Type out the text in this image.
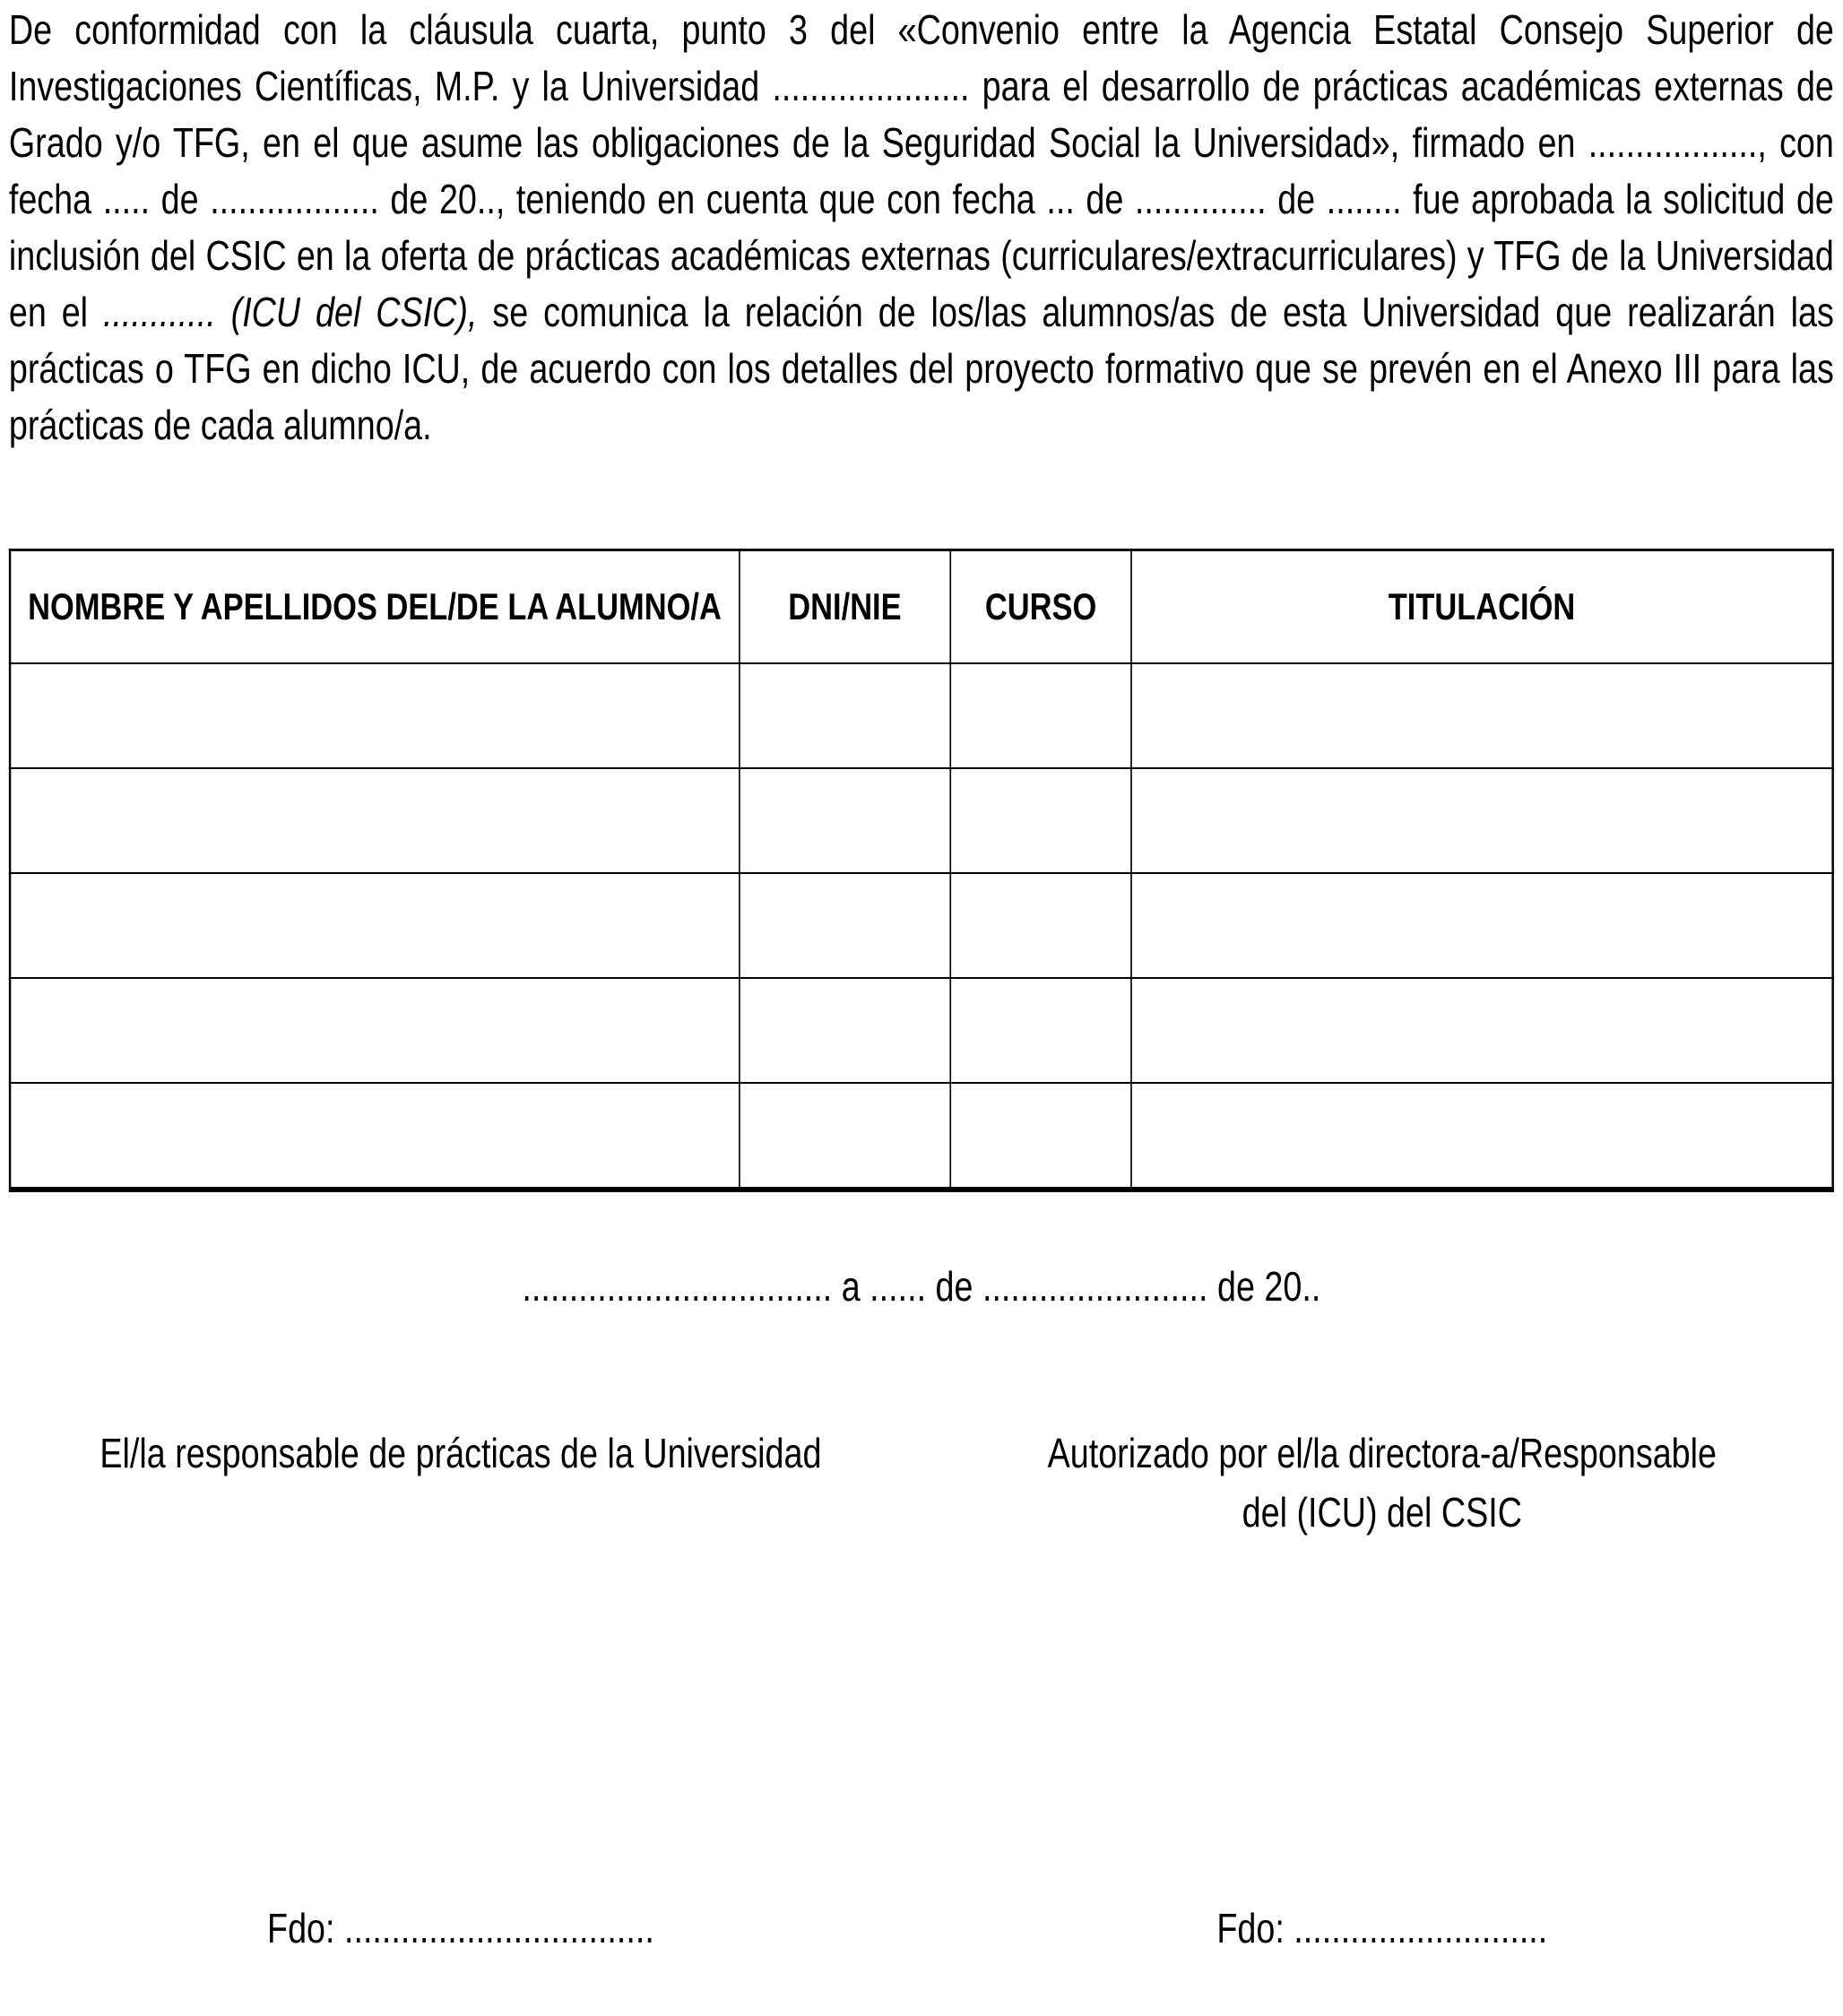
De conformidad con la cláusula cuarta, punto 3 del «Convenio entre la Agencia Estatal Consejo Superior de Investigaciones Científicas, M.P. y la Universidad ..................... para el desarrollo de prácticas académicas externas de Grado y/o TFG, en el que asume las obligaciones de la Seguridad Social la Universidad», firmado en .................., con fecha ..... de .................. de 20.., teniendo en cuenta que con fecha ... de .............. de ........ fue aprobada la solicitud de inclusión del CSIC en la oferta de prácticas académicas externas (curriculares/extracurriculares) y TFG de la Universidad en el ............ (ICU del CSIC), se comunica la relación de los/las alumnos/as de esta Universidad que realizarán las prácticas o TFG en dicho ICU, de acuerdo con los detalles del proyecto formativo que se prevén en el Anexo III para las prácticas de cada alumno/a.

NOMBRE Y APELLIDOS DEL/DE LA ALUMNO/A	DNI/NIE	CURSO	TITULACIÓN

................................. a ...... de ........................ de 20..
El/la responsable de prácticas de la Universidad	Autorizado por el/la directora-a/Responsable
del (ICU) del CSIC
Fdo: .................................	Fdo: ...........................
